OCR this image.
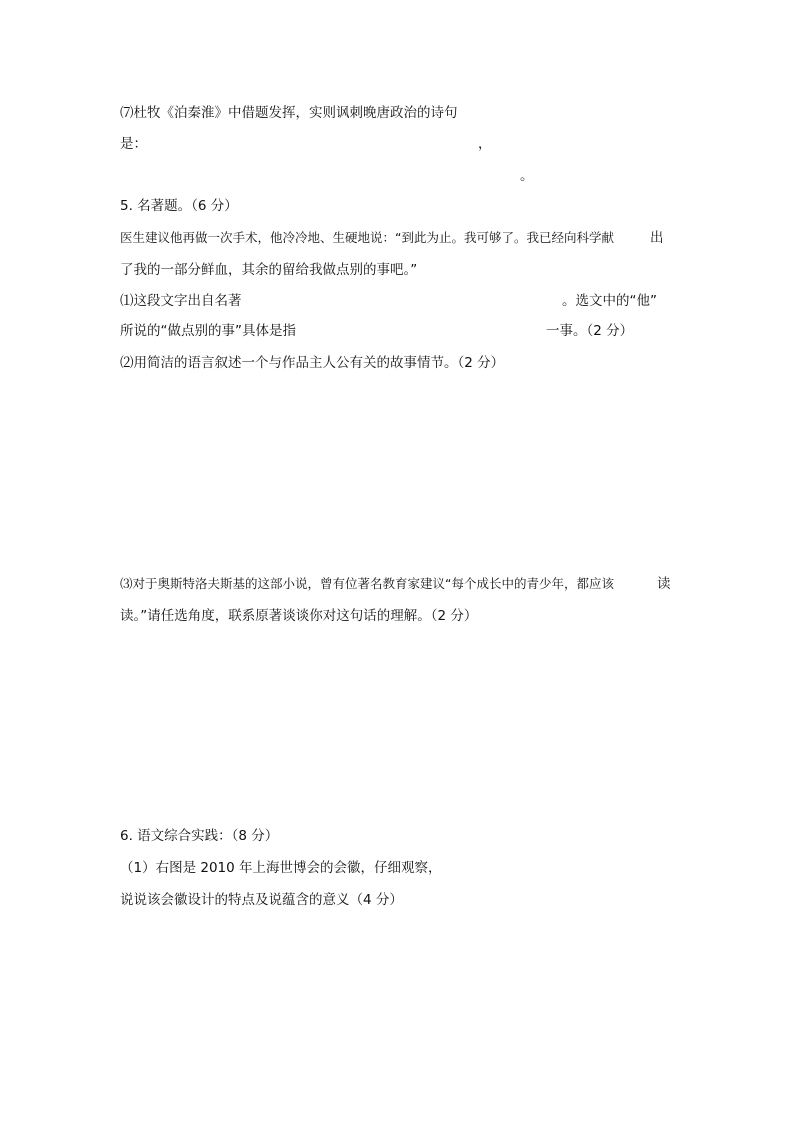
⑺杜牧《泊秦淮》中借题发挥，实则讽刺晚唐政治的诗句
是：	，
。
5. 名著题。（6 分）
医生建议他再做一次手术，他冷冷地、生硬地说：“到此为止。我可够了。我已经向科学献	出
了我的一部分鲜血，其余的留给我做点别的事吧。”
⑴这段文字出自名著	。选文中的“他”
所说的“做点别的事”具体是指	一事。（2 分）
⑵用简洁的语言叙述一个与作品主人公有关的故事情节。（2 分）
⑶对于奥斯特洛夫斯基的这部小说，曾有位著名教育家建议“每个成长中的青少年，都应该	读
读。”请任选角度，联系原著谈谈你对这句话的理解。（2 分）
6. 语文综合实践：（8 分）
（1）右图是 2010 年上海世博会的会徽，仔细观察，
说说该会徽设计的特点及说蕴含的意义（4 分）
